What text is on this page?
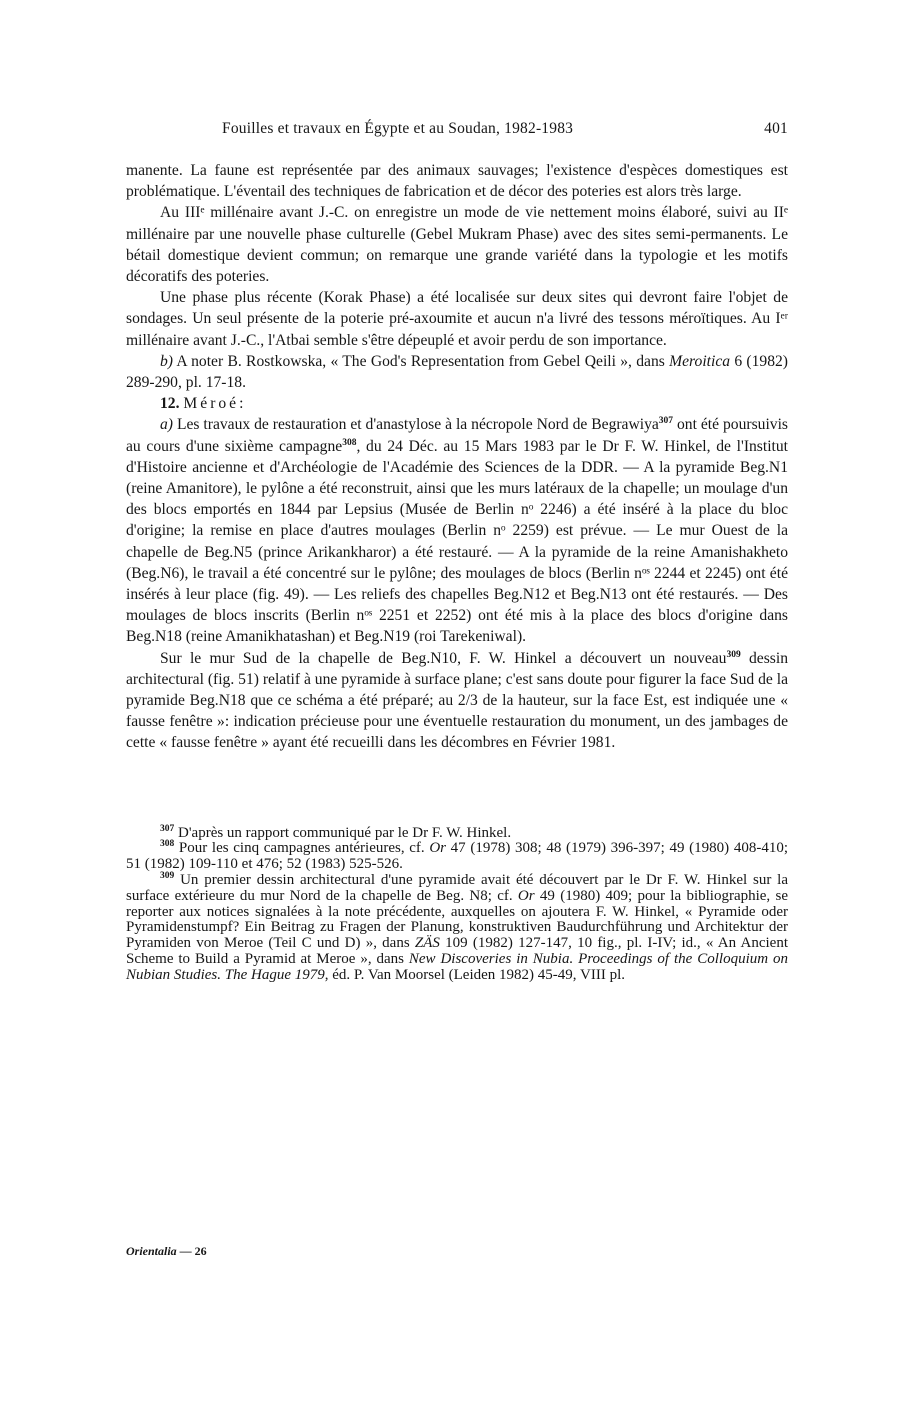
Fouilles et travaux en Égypte et au Soudan, 1982-1983	401

manente. La faune est représentée par des animaux sauvages; l'existence d'espèces domestiques est problématique. L'éventail des techniques de fabrication et de décor des poteries est alors très large.

Au IIIᵉ millénaire avant J.-C. on enregistre un mode de vie nettement moins élaboré, suivi au IIᵉ millénaire par une nouvelle phase culturelle (Gebel Mukram Phase) avec des sites semi-permanents. Le bétail domestique devient commun; on remarque une grande variété dans la typologie et les motifs décoratifs des poteries.

Une phase plus récente (Korak Phase) a été localisée sur deux sites qui devront faire l'objet de sondages. Un seul présente de la poterie pré-axoumite et aucun n'a livré des tessons méroïtiques. Au Iᵉʳ millénaire avant J.-C., l'Atbai semble s'être dépeuplé et avoir perdu de son importance.

b) A noter B. Rostkowska, « The God's Representation from Gebel Qeili », dans Meroitica 6 (1982) 289-290, pl. 17-18.

12. Méroé:

a) Les travaux de restauration et d'anastylose à la nécropole Nord de Begrawiya$^{307}$ ont été poursuivis au cours d'une sixième campagne$^{308}$, du 24 Déc. au 15 Mars 1983 par le Dr F. W. Hinkel, de l'Institut d'Histoire ancienne et d'Archéologie de l'Académie des Sciences de la DDR. — A la pyramide Beg.N1 (reine Amanitore), le pylône a été reconstruit, ainsi que les murs latéraux de la chapelle; un moulage d'un des blocs emportés en 1844 par Lepsius (Musée de Berlin nᵒ 2246) a été inséré à la place du bloc d'origine; la remise en place d'autres moulages (Berlin nᵒ 2259) est prévue. — Le mur Ouest de la chapelle de Beg.N5 (prince Arikankharor) a été restauré. — A la pyramide de la reine Amanishakheto (Beg.N6), le travail a été concentré sur le pylône; des moulages de blocs (Berlin nᵒˢ 2244 et 2245) ont été insérés à leur place (fig. 49). — Les reliefs des chapelles Beg.N12 et Beg.N13 ont été restaurés. — Des moulages de blocs inscrits (Berlin nᵒˢ 2251 et 2252) ont été mis à la place des blocs d'origine dans Beg.N18 (reine Amanikhatashan) et Beg.N19 (roi Tarekeniwal).

Sur le mur Sud de la chapelle de Beg.N10, F. W. Hinkel a découvert un nouveau$^{309}$ dessin architectural (fig. 51) relatif à une pyramide à surface plane; c'est sans doute pour figurer la face Sud de la pyramide Beg.N18 que ce schéma a été préparé; au 2/3 de la hauteur, sur la face Est, est indiquée une « fausse fenêtre »: indication précieuse pour une éventuelle restauration du monument, un des jambages de cette « fausse fenêtre » ayant été recueilli dans les décombres en Février 1981.

$^{307}$ D'après un rapport communiqué par le Dr F. W. Hinkel.

$^{308}$ Pour les cinq campagnes antérieures, cf. Or 47 (1978) 308; 48 (1979) 396-397; 49 (1980) 408-410; 51 (1982) 109-110 et 476; 52 (1983) 525-526.

$^{309}$ Un premier dessin architectural d'une pyramide avait été découvert par le Dr F. W. Hinkel sur la surface extérieure du mur Nord de la chapelle de Beg. N8; cf. Or 49 (1980) 409; pour la bibliographie, se reporter aux notices signalées à la note précédente, auxquelles on ajoutera F. W. Hinkel, « Pyramide oder Pyramidenstumpf? Ein Beitrag zu Fragen der Planung, konstruktiven Baudurchführung und Architektur der Pyramiden von Meroe (Teil C und D) », dans ZÄS 109 (1982) 127-147, 10 fig., pl. I-IV; id., « An Ancient Scheme to Build a Pyramid at Meroe », dans New Discoveries in Nubia. Proceedings of the Colloquium on Nubian Studies. The Hague 1979, éd. P. Van Moorsel (Leiden 1982) 45-49, VIII pl.

Orientalia — 26
